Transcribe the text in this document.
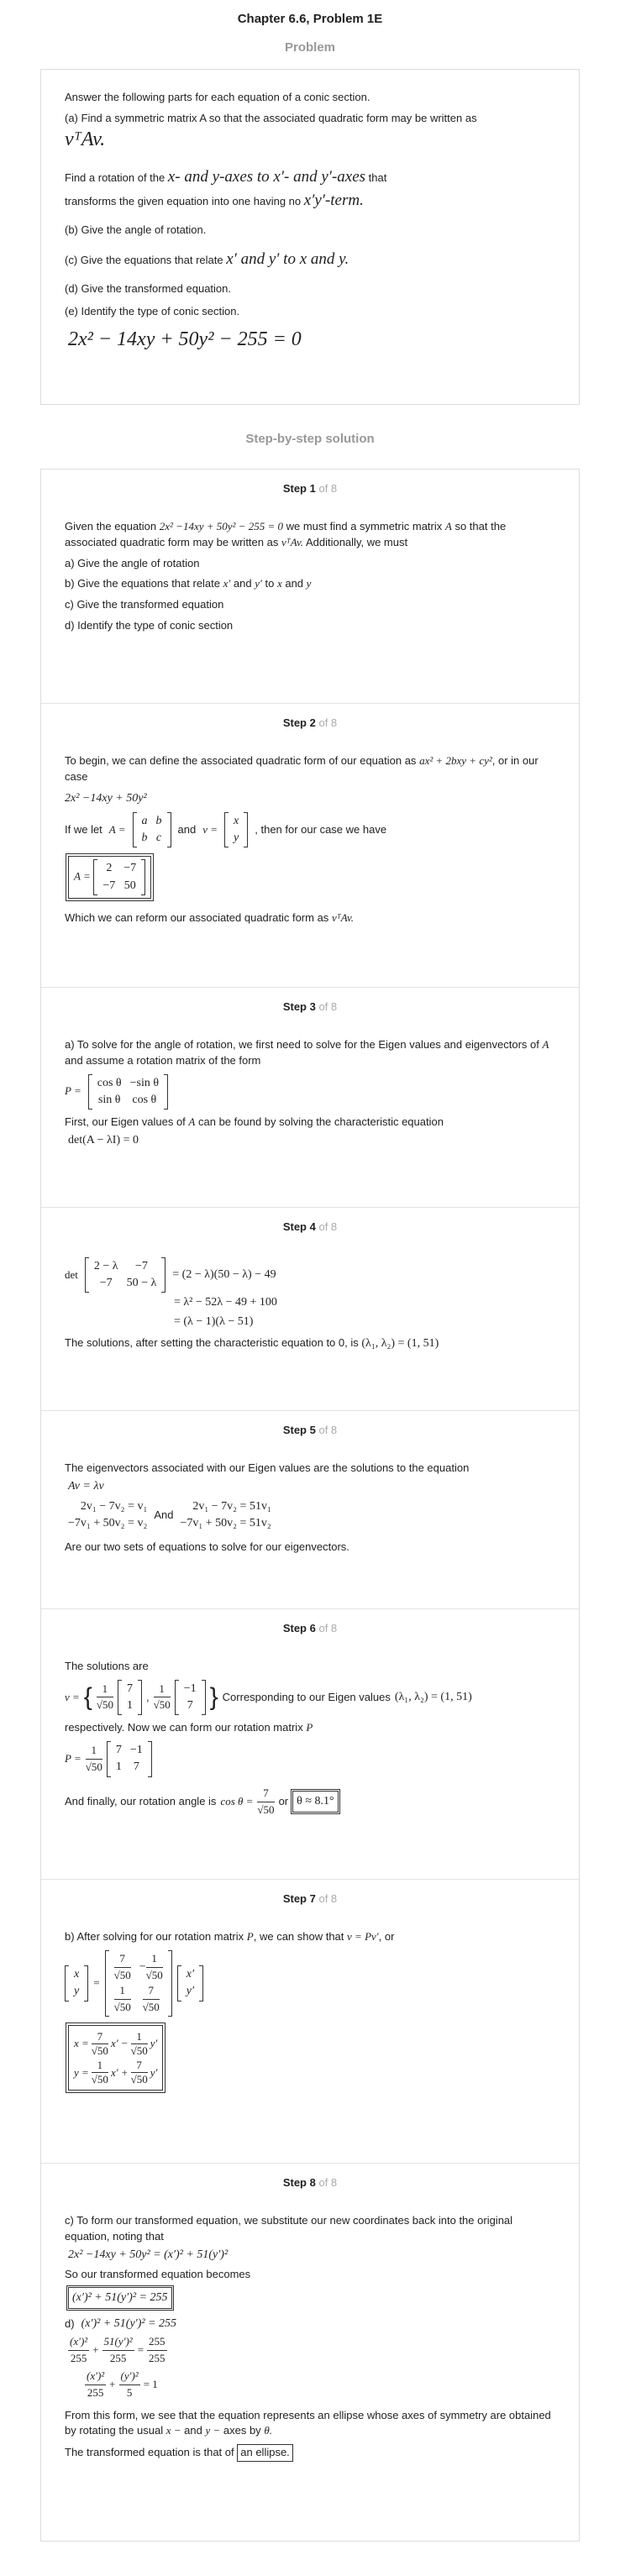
Chapter 6.6, Problem 1E
Problem

Answer the following parts for each equation of a conic section.

(a) Find a symmetric matrix A so that the associated quadratic form may be written as

vᵀAv.

Find a rotation of the x- and y-axes to x′- and y′-axes that

transforms the given equation into one having no x′y′-term.

(b) Give the angle of rotation.

(c) Give the equations that relate x′ and y′ to x and y.

(d) Give the transformed equation.

(e) Identify the type of conic section.

2x² − 14xy + 50y² − 255 = 0
Step-by-step solution
Step 1 of 8

Given the equation 2x² −14xy + 50y² − 255 = 0 we must find a symmetric matrix A so that the associated quadratic form may be written as vᵀAv. Additionally, we must

a) Give the angle of rotation

b) Give the equations that relate x′ and y′ to x and y

c) Give the transformed equation

d) Identify the type of conic section

Step 2 of 8

To begin, we can define the associated quadratic form of our equation as ax² + 2bxy + cy², or in our case

2x² −14xy + 50y²
If we let A =
a	b
b	c
and v =
x
y
, then for our case we have
A =
2	−7
−7	50

Which we can reform our associated quadratic form as vᵀAv.

Step 3 of 8

a) To solve for the angle of rotation, we first need to solve for the Eigen values and eigenvectors of A and assume a rotation matrix of the form

P =
cos θ	−sin θ
sin θ	cos θ

First, our Eigen values of A can be found by solving the characteristic equation

det(A − λI) = 0
Step 4 of 8
det
2 − λ	−7
−7	50 − λ
= (2 − λ)(50 − λ) − 49
= λ² − 52λ − 49 + 100
= (λ − 1)(λ − 51)

The solutions, after setting the characteristic equation to 0, is (λ₁, λ₂) = (1, 51)

Step 5 of 8

The eigenvectors associated with our Eigen values are the solutions to the equation

Av = λv
2v₁ − 7v₂ = v₁
−7v₁ + 50v₂ = v₂
And
2v₁ − 7v₂ = 51v₁
−7v₁ + 50v₂ = 51v₂

Are our two sets of equations to solve for our eigenvectors.

Step 6 of 8

The solutions are

v = { $\frac{1}{√50} 7$
1
, $\frac{1}{√50} -1$
7 } Corresponding to our Eigen values (λ₁, λ₂) = (1, 51)

respectively. Now we can form our rotation matrix P

$P = \frac{1}{√50} 7$	−1
1	7
And finally, our rotation angle is $\cos \theta = \frac{7}{√50}$ or θ ≈ 8.1°
Step 7 of 8

b) After solving for our rotation matrix P, we can show that v = Pv′, or

x
y
= $\frac{7}{√50}$	− $\frac{1}{√50}$

$\frac{1}{√50}$	$\frac{7}{√50}$
x′
y′
$x = \frac{7}{√50} x' - \frac{1}{√50} y'$
$y = \frac{1}{√50} x' + \frac{7}{√50} y'$
Step 8 of 8

c) To form our transformed equation, we substitute our new coordinates back into the original equation, noting that

2x² −14xy + 50y² = (x′)² + 51(y′)²

So our transformed equation becomes

(x′)² + 51(y′)² = 255
d) (x′)² + 51(y′)² = 255
$\frac{\text{(x′)²}}{255} + \frac{\text{51(y′)²}}{255} = \frac{255}{255}$
$\frac{\text{(x′)²}}{255} + \frac{\text{(y′)²}}{5} = 1$

From this form, we see that the equation represents an ellipse whose axes of symmetry are obtained by rotating the usual x − and y − axes by θ.

The transformed equation is that of an ellipse.
